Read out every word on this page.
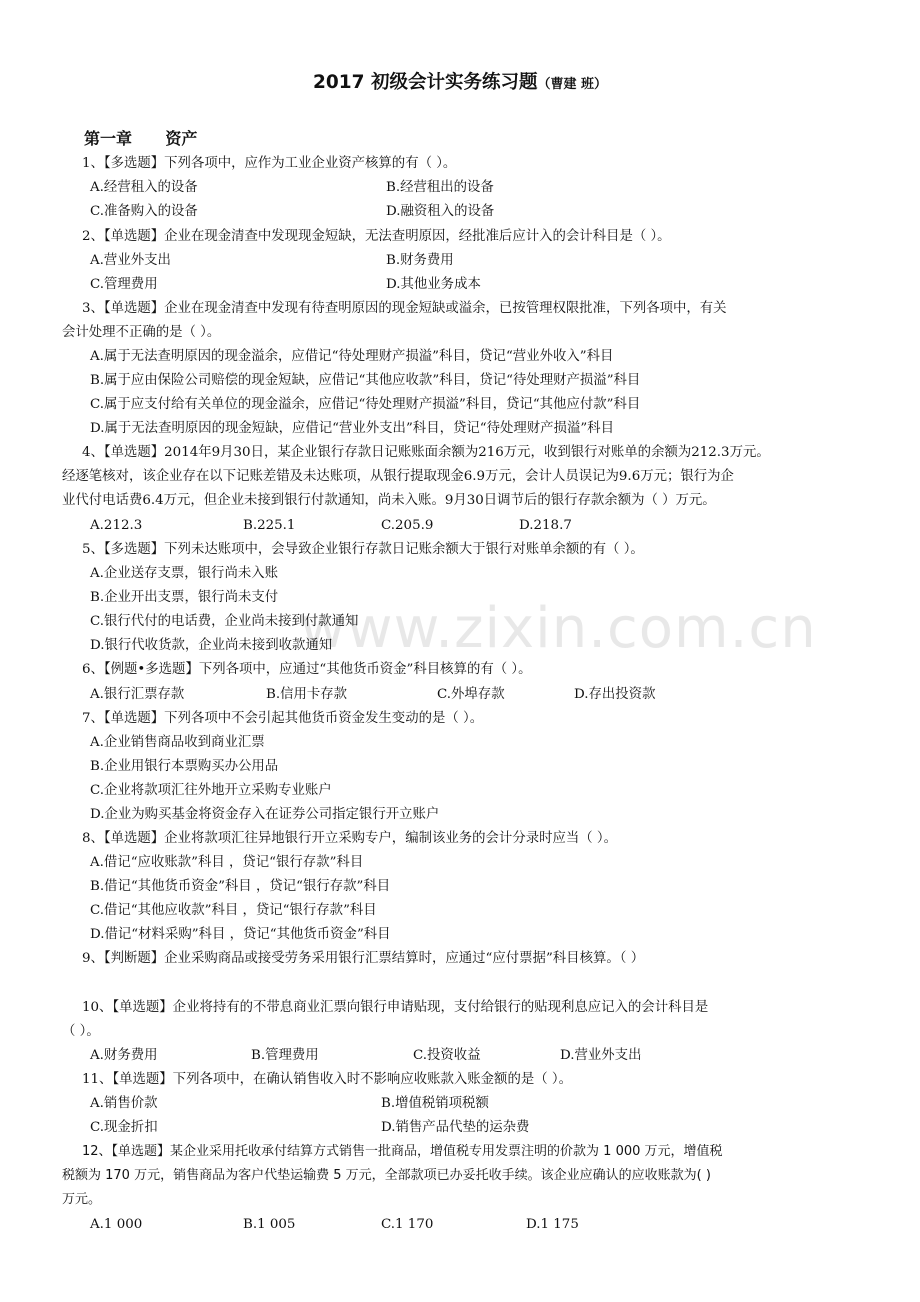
2017 初级会计实务练习题（曹建 班）
第一章      资产
www.zixin.com.cn
1、【多选题】下列各项中，应作为工业企业资产核算的有（ ）。
A.经营租入的设备	B.经营租出的设备
C.准备购入的设备	D.融资租入的设备
2、【单选题】企业在现金清查中发现现金短缺，无法查明原因，经批准后应计入的会计科目是（ ）。
A.营业外支出	B.财务费用
C.管理费用	D.其他业务成本
3、【单选题】企业在现金清查中发现有待查明原因的现金短缺或溢余，已按管理权限批准，下列各项中，有关
会计处理不正确的是（ ）。
A.属于无法查明原因的现金溢余，应借记“待处理财产损溢”科目，贷记“营业外收入”科目
B.属于应由保险公司赔偿的现金短缺，应借记“其他应收款”科目，贷记“待处理财产损溢”科目
C.属于应支付给有关单位的现金溢余，应借记“待处理财产损溢”科目，贷记“其他应付款”科目
D.属于无法查明原因的现金短缺，应借记“营业外支出”科目，贷记“待处理财产损溢”科目
4、【单选题】2014年9月30日，某企业银行存款日记账账面余额为216万元，收到银行对账单的余额为212.3万元。
经逐笔核对，该企业存在以下记账差错及未达账项，从银行提取现金6.9万元，会计人员误记为9.6万元；银行为企
业代付电话费6.4万元，但企业未接到银行付款通知，尚未入账。9月30日调节后的银行存款余额为（ ）万元。
A.212.3	B.225.1	C.205.9	D.218.7
5、【多选题】下列未达账项中，会导致企业银行存款日记账余额大于银行对账单余额的有（ ）。
A.企业送存支票，银行尚未入账
B.企业开出支票，银行尚未支付
C.银行代付的电话费，企业尚未接到付款通知
D.银行代收货款，企业尚未接到收款通知
6、【例题•多选题】下列各项中，应通过“其他货币资金”科目核算的有（ ）。
A.银行汇票存款	B.信用卡存款	C.外埠存款	D.存出投资款
7、【单选题】下列各项中不会引起其他货币资金发生变动的是（ ）。
A.企业销售商品收到商业汇票
B.企业用银行本票购买办公用品
C.企业将款项汇往外地开立采购专业账户
D.企业为购买基金将资金存入在证券公司指定银行开立账户
8、【单选题】企业将款项汇往异地银行开立采购专户，编制该业务的会计分录时应当（ ）。
A.借记“应收账款”科目 ，贷记“银行存款”科目
B.借记“其他货币资金”科目 ，贷记“银行存款”科目
C.借记“其他应收款”科目 ，贷记“银行存款”科目
D.借记“材料采购”科目 ，贷记“其他货币资金”科目
9、【判断题】企业采购商品或接受劳务采用银行汇票结算时，应通过“应付票据”科目核算。（ ）
10、【单选题】企业将持有的不带息商业汇票向银行申请贴现，支付给银行的贴现利息应记入的会计科目是
（ ）。
A.财务费用	B.管理费用	C.投资收益	D.营业外支出
11、【单选题】下列各项中，在确认销售收入时不影响应收账款入账金额的是（ ）。
A.销售价款	B.增值税销项税额
C.现金折扣	D.销售产品代垫的运杂费
12、【单选题】某企业采用托收承付结算方式销售一批商品，增值税专用发票注明的价款为 1 000 万元，增值税
税额为 170 万元，销售商品为客户代垫运输费 5 万元，全部款项已办妥托收手续。该企业应确认的应收账款为( )
万元。
A.1 000	B.1 005	C.1 170	D.1 175
